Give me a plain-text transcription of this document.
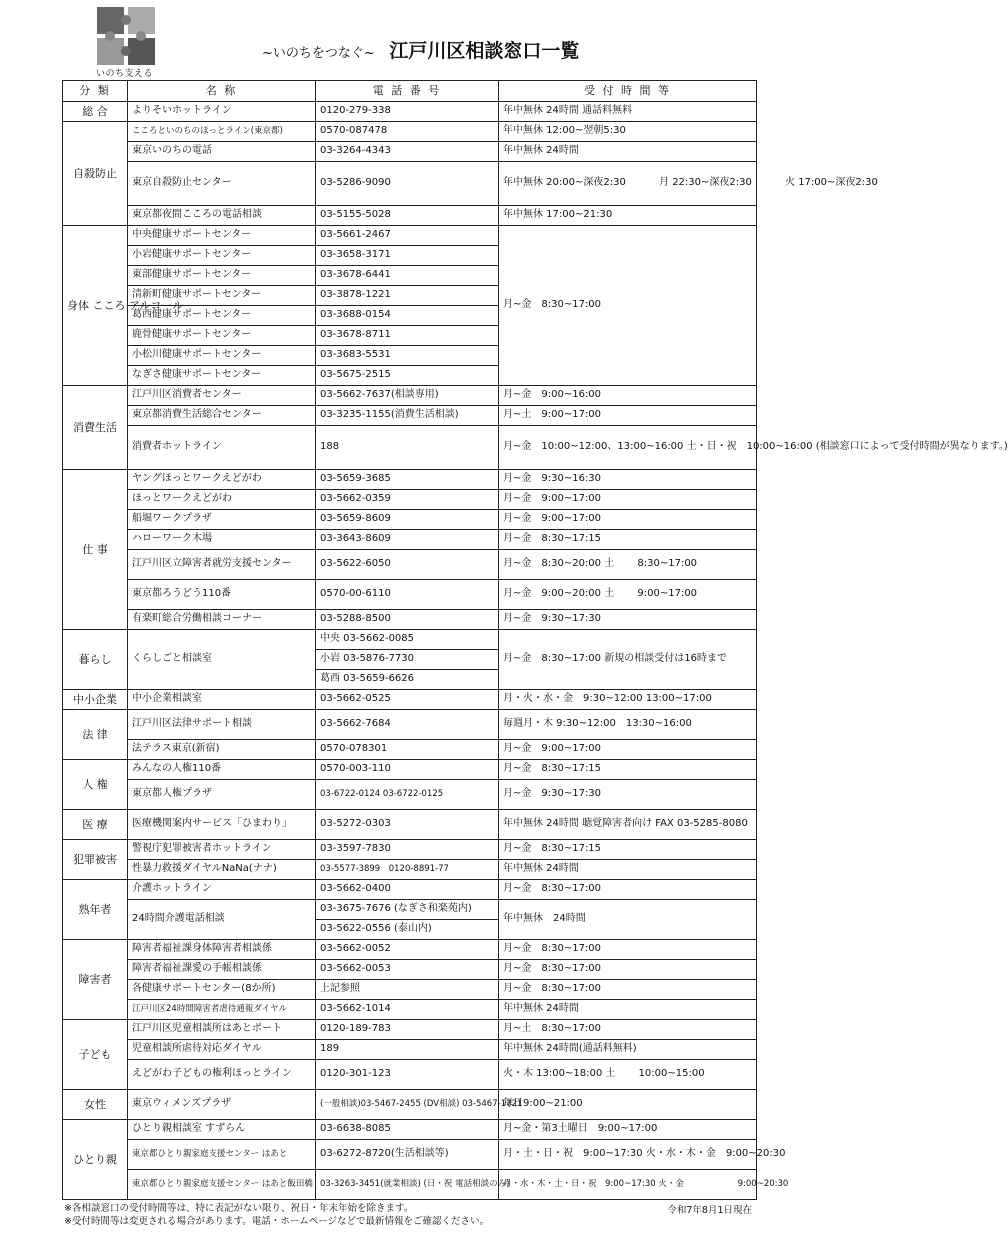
いのち支える
~いのちをつなぐ~ 江戸川区相談窓口一覧
分 類	名 称	電 話 番 号	受 付 時 間 等
総 合	よりそいホットライン	0120-279-338	年中無休 24時間 通話料無料
自殺防止	こころといのちのほっとライン(東京都)	0570-087478	年中無休 12:00~翌朝5:30
	東京いのちの電話	03-3264-4343	年中無休 24時間
	東京自殺防止センター	03-5286-9090	年中無休 20:00~深夜2:30 　　　月 22:30~深夜2:30 　　　火 17:00~深夜2:30
	東京都夜間こころの電話相談	03-5155-5028	年中無休 17:00~21:30
身体 こころ アルコール	中央健康サポートセンター	03-5661-2467	月~金　8:30~17:00
	小岩健康サポートセンター	03-3658-3171	
	東部健康サポートセンター	03-3678-6441	
	清新町健康サポートセンター	03-3878-1221	
	葛西健康サポートセンター	03-3688-0154	
	鹿骨健康サポートセンター	03-3678-8711	
	小松川健康サポートセンター	03-3683-5531	
	なぎさ健康サポートセンター	03-5675-2515	
消費生活	江戸川区消費者センター	03-5662-7637(相談専用)	月~金　9:00~16:00
	東京都消費生活総合センター	03-3235-1155(消費生活相談)	月~土　9:00~17:00
	消費者ホットライン	188	月~金　10:00~12:00、13:00~16:00 土・日・祝　10:00~16:00 (相談窓口によって受付時間が異なります。)
仕 事	ヤングほっとワークえどがわ	03-5659-3685	月~金　9:30~16:30
	ほっとワークえどがわ	03-5662-0359	月~金　9:00~17:00
	船堀ワークプラザ	03-5659-8609	月~金　9:00~17:00
	ハローワーク木場	03-3643-8609	月~金　8:30~17:15
	江戸川区立障害者就労支援センター	03-5622-6050	月~金　8:30~20:00 土　　 8:30~17:00
	東京都ろうどう110番	0570-00-6110	月~金　9:00~20:00 土　　 9:00~17:00
	有楽町総合労働相談コーナー	03-5288-8500	月~金　9:30~17:30
暮らし	くらしごと相談室	中央 03-5662-0085	月~金　8:30~17:00 新規の相談受付は16時まで
		小岩 03-5876-7730	
		葛西 03-5659-6626	
中小企業	中小企業相談室	03-5662-0525	月・火・水・金　9:30~12:00 13:00~17:00
法 律	江戸川区法律サポート相談	03-5662-7684	毎週月・木 9:30~12:00　13:30~16:00
	法テラス東京(新宿)	0570-078301	月~金　9:00~17:00
人 権	みんなの人権110番	0570-003-110	月~金　8:30~17:15
	東京都人権プラザ	03-6722-0124 03-6722-0125	月~金　9:30~17:30
医 療	医療機関案内サービス「ひまわり」	03-5272-0303	年中無休 24時間 聴覚障害者向け FAX 03-5285-8080
犯罪被害	警視庁犯罪被害者ホットライン	03-3597-7830	月~金　8:30~17:15
	性暴力救援ダイヤルNaNa(ナナ)	03-5577-3899　0120-8891-77	年中無休 24時間
熟年者	介護ホットライン	03-5662-0400	月~金　8:30~17:00
	24時間介護電話相談	03-3675-7676 (なぎさ和楽苑内)	年中無休　24時間
		03-5622-0556 (泰山内)	
障害者	障害者福祉課身体障害者相談係	03-5662-0052	月~金　8:30~17:00
	障害者福祉課愛の手帳相談係	03-5662-0053	月~金　8:30~17:00
	各健康サポートセンター(8か所)	上記参照	月~金　8:30~17:00
	江戸川区24時間障害者虐待通報ダイヤル	03-5662-1014	年中無休 24時間
子ども	江戸川区児童相談所はあとポート	0120-189-783	月~土　8:30~17:00
	児童相談所虐待対応ダイヤル	189	年中無休 24時間(通話料無料)
	えどがわ子どもの権利ほっとライン	0120-301-123	火・木 13:00~18:00 土　　 10:00~15:00
女性	東京ウィメンズプラザ	(一般相談)03-5467-2455 (DV相談) 03-5467-1721	毎日9:00~21:00
ひとり親	ひとり親相談室 すずらん	03-6638-8085	月~金・第3土曜日　9:00~17:00
	東京都ひとり親家庭支援センター はあと	03-6272-8720(生活相談等)	月・土・日・祝　9:00~17:30 火・水・木・金　9:00~20:30
	東京都ひとり親家庭支援センター はあと飯田橋	03-3263-3451(就業相談) (日・祝 電話相談のみ)	月・水・木・土・日・祝　9:00~17:30 火・金　　　　　　 9:00~20:30
※各相談窓口の受付時間等は、特に表記がない限り、祝日・年末年始を除きます。
※受付時間等は変更される場合があります。電話・ホームページなどで最新情報をご確認ください。
令和7年8月1日現在
